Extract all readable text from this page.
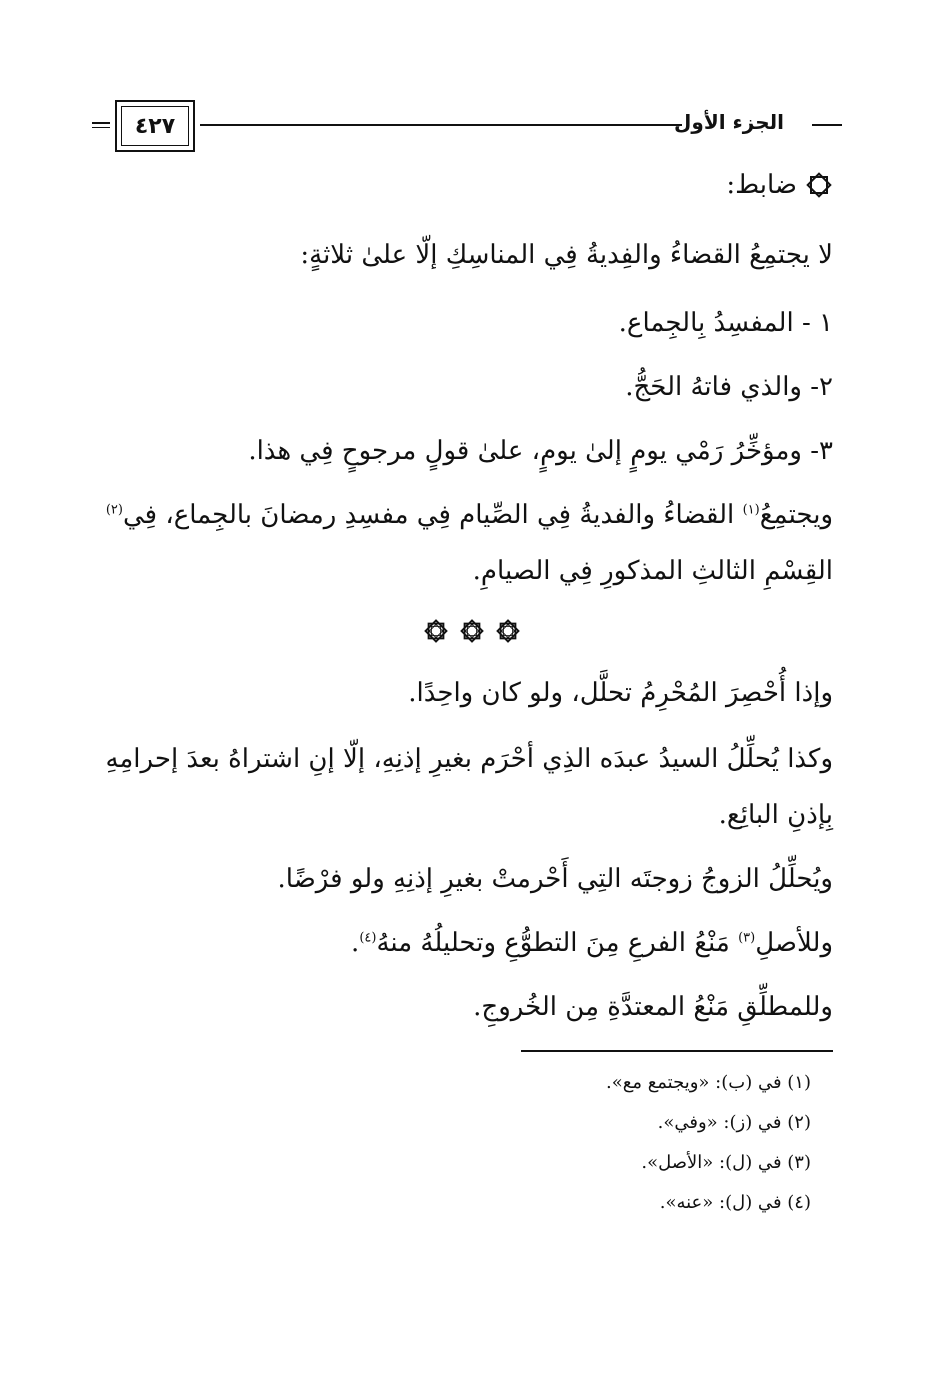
٤٢٧	الجزء الأول
ضابط:
لا يجتمِعُ القضاءُ والفِديةُ فِي المناسِكِ إلّا علىٰ ثلاثةٍ:
١ - المفسِدُ بِالجِماع.
٢- والذي فاتهُ الحَجُّ.
٣- ومؤخِّرُ رَمْي يومٍ إلىٰ يومٍ، علىٰ قولٍ مرجوحٍ فِي هذا.
ويجتمِعُ$^{(١)}$ القضاءُ والفديةُ فِي الصِّيام فِي مفسِدِ رمضانَ بالجِماع، فِي$^{(٢)}$
القِسْمِ الثالثِ المذكورِ فِي الصيامِ.
وإذا أُحْصِرَ المُحْرِمُ تحلَّل، ولو كان واحِدًا.
وكذا يُحلِّلُ السيدُ عبدَه الذِي أحْرَم بغيرِ إذنِهِ، إلّا إنِ اشتراهُ بعدَ إحرامِهِ
بِإذنِ البائِع.
ويُحلِّلُ الزوجُ زوجتَه التِي أَحْرمتْ بغيرِ إذنِهِ ولو فرْضًا.
وللأصلِ$^{(٣)}$ مَنْعُ الفرعِ مِنَ التطوُّعِ وتحليلُهُ منهُ$^{(٤)}$.
وللمطلِّقِ مَنْعُ المعتدَّةِ مِن الخُروجِ.
(١) في (ب): «ويجتمع مع».
(٢) في (ز): «وفي».
(٣) في (ل): «الأصل».
(٤) في (ل): «عنه».
